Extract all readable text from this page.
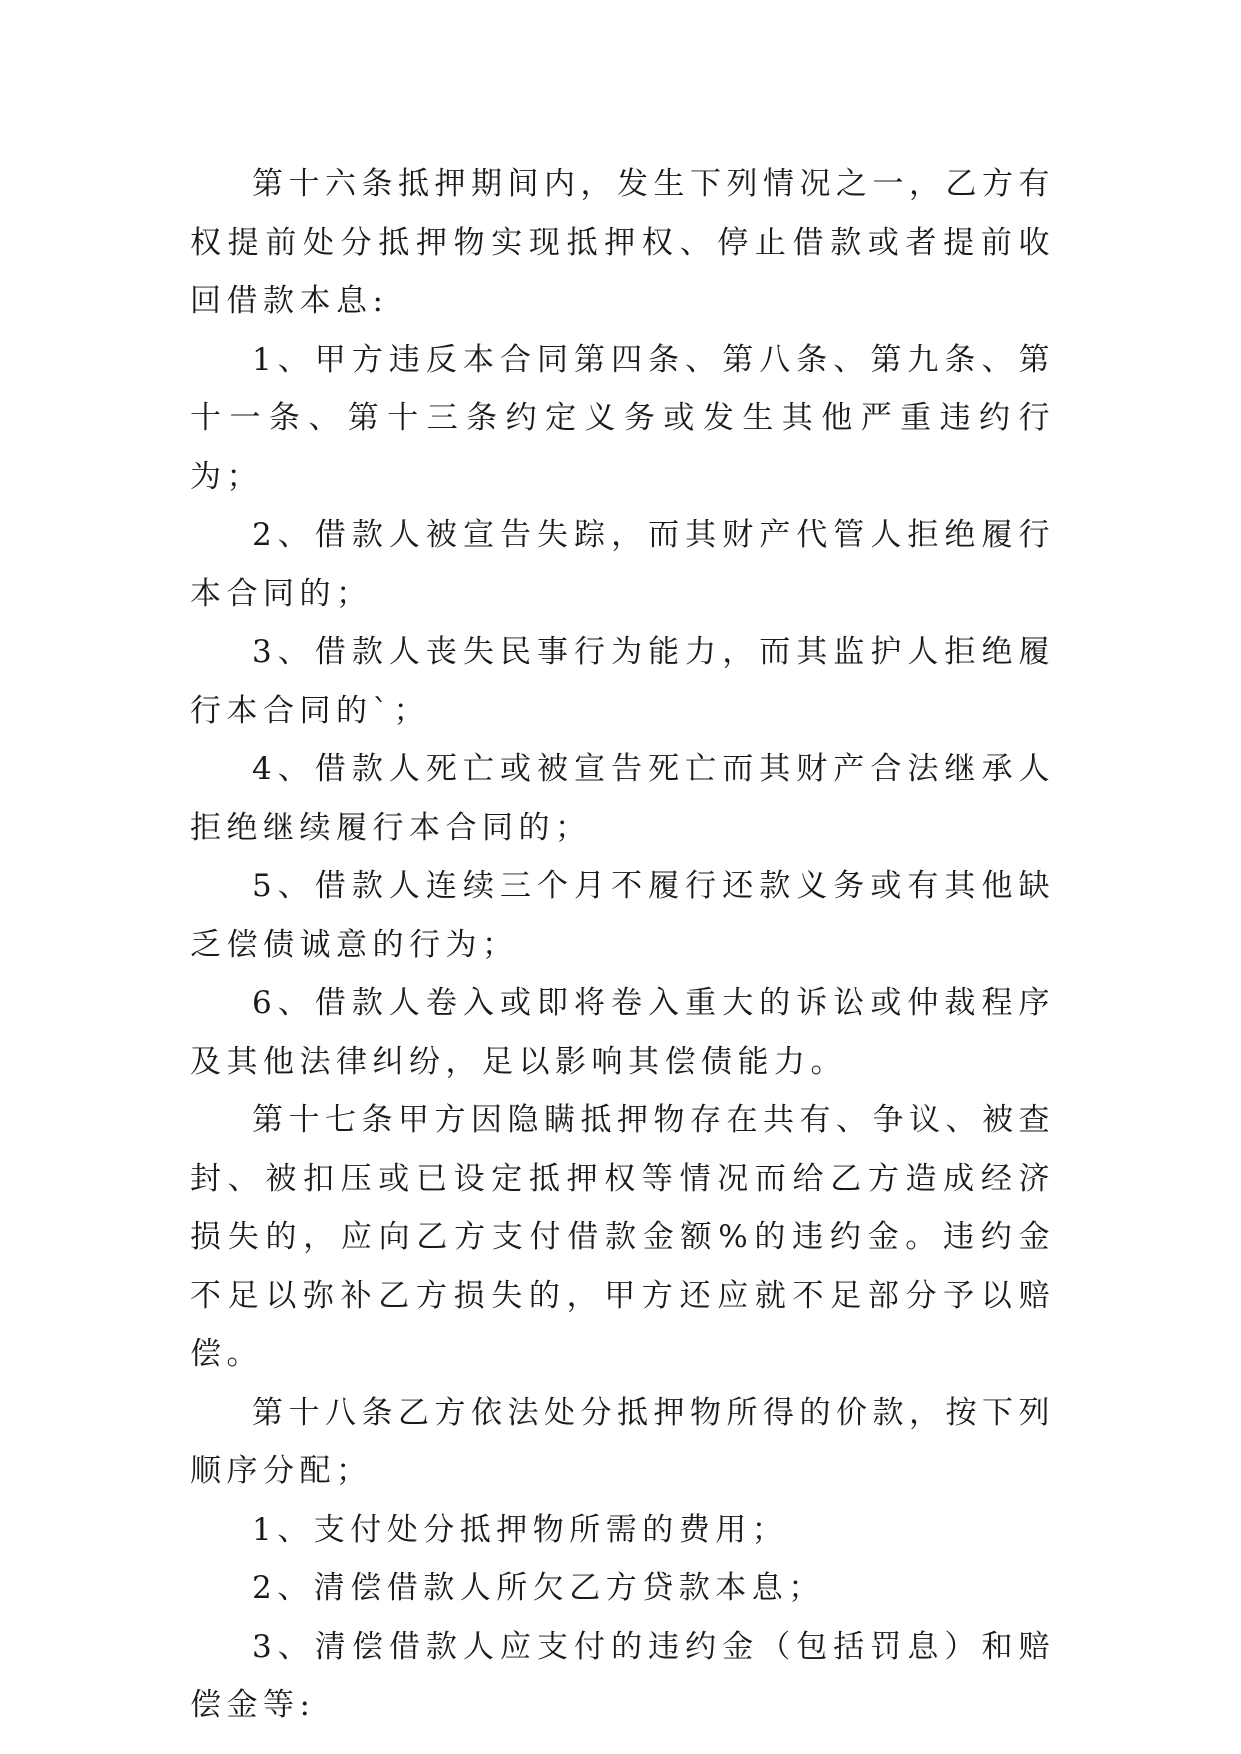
第十六条抵押期间内，发生下列情况之一，乙方有权提前处分抵押物实现抵押权、停止借款或者提前收回借款本息:

1、甲方违反本合同第四条、第八条、第九条、第十一条、第十三条约定义务或发生其他严重违约行为；

2、借款人被宣告失踪，而其财产代管人拒绝履行本合同的；

3、借款人丧失民事行为能力，而其监护人拒绝履行本合同的`；

4、借款人死亡或被宣告死亡而其财产合法继承人拒绝继续履行本合同的；

5、借款人连续三个月不履行还款义务或有其他缺乏偿债诚意的行为；

6、借款人卷入或即将卷入重大的诉讼或仲裁程序及其他法律纠纷，足以影响其偿债能力。

第十七条甲方因隐瞒抵押物存在共有、争议、被查封、被扣压或已设定抵押权等情况而给乙方造成经济损失的，应向乙方支付借款金额%的违约金。违约金不足以弥补乙方损失的，甲方还应就不足部分予以赔偿。

第十八条乙方依法处分抵押物所得的价款，按下列顺序分配；

1、支付处分抵押物所需的费用；

2、清偿借款人所欠乙方贷款本息；

3、清偿借款人应支付的违约金（包括罚息）和赔偿金等:
